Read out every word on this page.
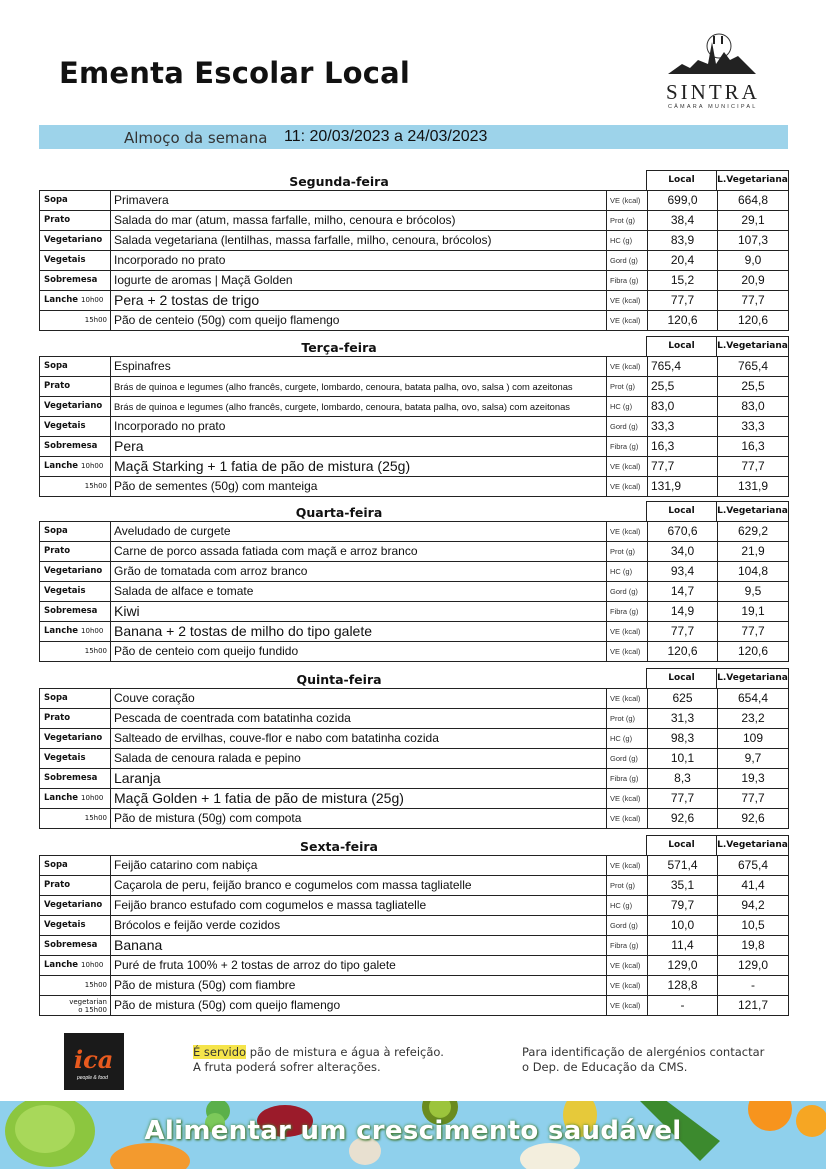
Ementa Escolar Local
SINTRA
CÂMARA MUNICIPAL
Almoço da semana 11: 20/03/2023 a 24/03/2023
Segunda-feira	Local	L.Vegetariana
Sopa	Primavera	VE (kcal)	699,0	664,8
Prato	Salada do mar (atum, massa farfalle, milho, cenoura e brócolos)	Prot (g)	38,4	29,1
Vegetariano Salada vegetariana (lentilhas, massa farfalle, milho, cenoura, brócolos)	HC (g)	83,9	107,3
Vegetais	Incorporado no prato	Gord (g)	20,4	9,0
Sobremesa	Iogurte de aromas | Maçã Golden	Fibra (g)	15,2	20,9
Lanche 10h00 Pera + 2 tostas de trigo	VE (kcal)	77,7	77,7
15h00 Pão de centeio (50g) com queijo flamengo	VE (kcal)	120,6	120,6
Terça-feira	Local	L.Vegetariana
Sopa	Espinafres	VE (kcal) 765,4	765,4
Prato	Brás de quinoa e legumes (alho francês, curgete, lombardo, cenoura, batata palha, ovo, salsa ) com azeitonas	Prot (g)	25,5	25,5
Vegetariano	Brás de quinoa e legumes (alho francês, curgete, lombardo, cenoura, batata palha, ovo, salsa) com azeitonas	HC (g)	83,0	83,0
Vegetais	Incorporado no prato	Gord (g)	33,3	33,3
Sobremesa	Pera	Fibra (g)	16,3	16,3
Lanche 10h00 Maçã Starking + 1 fatia de pão de mistura (25g)	VE (kcal) 77,7	77,7
15h00 Pão de sementes (50g) com manteiga	VE (kcal) 131,9	131,9
Quarta-feira	Local	L.Vegetariana
Sopa	Aveludado de curgete	VE (kcal)	670,6	629,2
Prato	Carne de porco assada fatiada com maçã e arroz branco	Prot (g)	34,0	21,9
Vegetariano Grão de tomatada com arroz branco	HC (g)	93,4	104,8
Vegetais	Salada de alface e tomate	Gord (g)	14,7	9,5
Sobremesa	Kiwi	Fibra (g)	14,9	19,1
Lanche 10h00 Banana + 2 tostas de milho do tipo galete	VE (kcal)	77,7	77,7
15h00 Pão de centeio com queijo fundido	VE (kcal)	120,6	120,6
Quinta-feira	Local	L.Vegetariana
Sopa	Couve coração	VE (kcal)	625	654,4
Prato	Pescada de coentrada com batatinha cozida	Prot (g)	31,3	23,2
Vegetariano Salteado de ervilhas, couve-flor e nabo com batatinha cozida	HC (g)	98,3	109
Vegetais	Salada de cenoura ralada e pepino	Gord (g)	10,1	9,7
Sobremesa	Laranja	Fibra (g)	8,3	19,3
Lanche 10h00 Maçã Golden + 1 fatia de pão de mistura (25g)	VE (kcal)	77,7	77,7
15h00 Pão de mistura (50g) com compota	VE (kcal)	92,6	92,6
Sexta-feira	Local	L.Vegetariana
Sopa	Feijão catarino com nabiça	VE (kcal)	571,4	675,4
Prato	Caçarola de peru, feijão branco e cogumelos com massa tagliatelle	Prot (g)	35,1	41,4
Vegetariano Feijão branco estufado com cogumelos e massa tagliatelle	HC (g)	79,7	94,2
Vegetais	Brócolos e feijão verde cozidos	Gord (g)	10,0	10,5
Sobremesa	Banana	Fibra (g)	11,4	19,8
Lanche 10h00 Puré de fruta 100% + 2 tostas de arroz do tipo galete	VE (kcal)	129,0	129,0
15h00 Pão de mistura (50g) com fiambre	VE (kcal)	128,8	-
vegetariano 15h00 Pão de mistura (50g) com queijo flamengo	VE (kcal)	-	121,7
ica
people & food
É servido pão de mistura e água à refeição.
A fruta poderá sofrer alterações.
Para identificação de alergénios contactar
o Dep. de Educação da CMS.
Alimentar um crescimento saudável
